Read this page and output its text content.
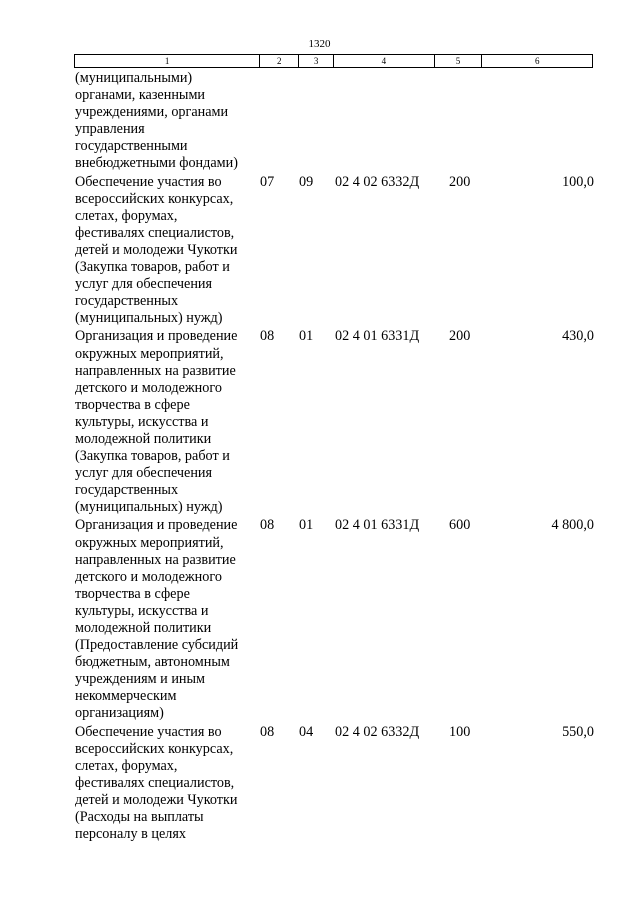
1320
1	2	3	4	5	6
(муниципальными)
органами, казенными
учреждениями, органами
управления
государственными
внебюджетными фондами)
Обеспечение участия во
всероссийских конкурсах,
слетах, форумах,
фестивалях специалистов,
детей и молодежи Чукотки
(Закупка товаров, работ и
услуг для обеспечения
государственных
(муниципальных) нужд)
07	09	02 4 02 6332Д	200	100,0
Организация и проведение
окружных мероприятий,
направленных на развитие
детского и молодежного
творчества в сфере
культуры, искусства и
молодежной политики
(Закупка товаров, работ и
услуг для обеспечения
государственных
(муниципальных) нужд)
08	01	02 4 01 6331Д	200	430,0
Организация и проведение
окружных мероприятий,
направленных на развитие
детского и молодежного
творчества в сфере
культуры, искусства и
молодежной политики
(Предоставление субсидий
бюджетным, автономным
учреждениям и иным
некоммерческим
организациям)
08	01	02 4 01 6331Д	600	4 800,0
Обеспечение участия во
всероссийских конкурсах,
слетах, форумах,
фестивалях специалистов,
детей и молодежи Чукотки
(Расходы на выплаты
персоналу в целях
08	04	02 4 02 6332Д	100	550,0
